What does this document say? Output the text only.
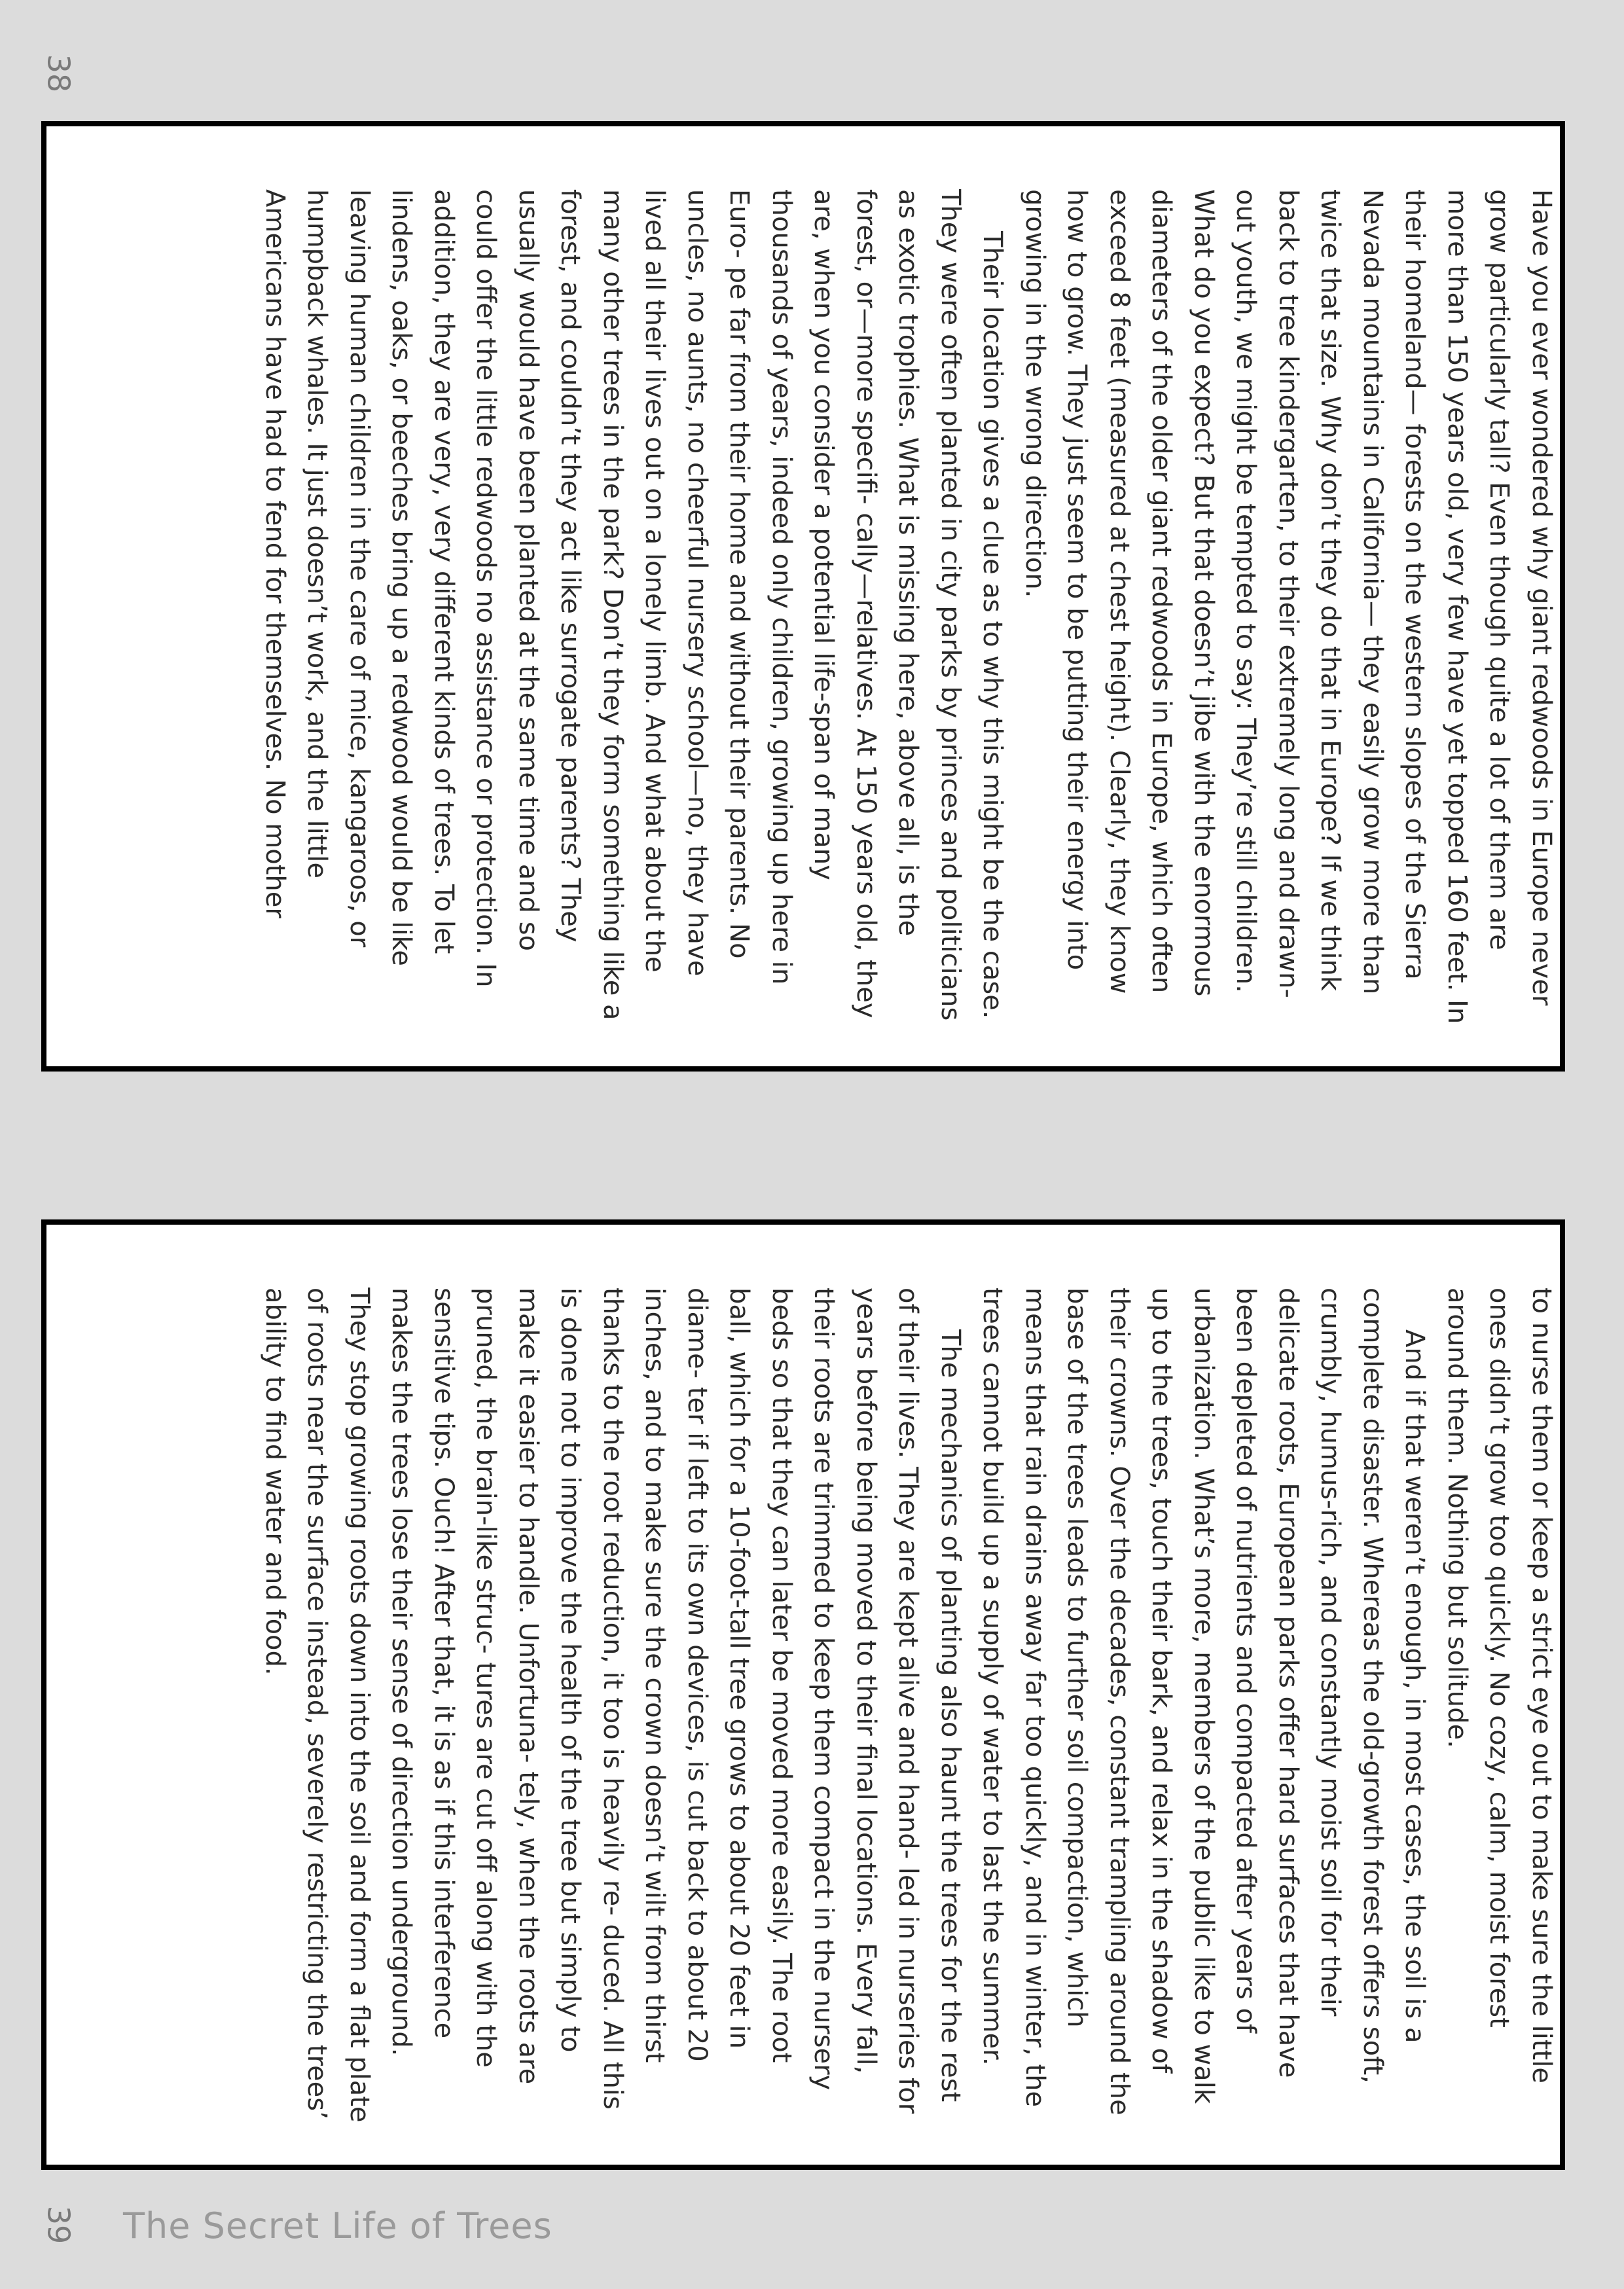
38

Have you ever wondered why giant redwoods in Europe never grow particularly tall? Even though quite a lot of them are more than 150 years old, very few have yet topped 160 feet. In their homeland— forests on the western slopes of the Sierra Nevada mountains in California— they easily grow more than twice that size. Why don’t they do that in Europe? If we think back to tree kindergarten, to their extremely long and drawn-out youth, we might be tempted to say: They’re still children. What do you expect? But that doesn’t jibe with the enormous diameters of the older giant redwoods in Europe, which often exceed 8 feet (measured at chest height). Clearly, they know how to grow. They just seem to be putting their energy into growing in the wrong direction.

Their location gives a clue as to why this might be the case. They were often planted in city parks by princes and politicians as exotic trophies. What is missing here, above all, is the forest, or—more specifi- cally—relatives. At 150 years old, they are, when you consider a potential life-span of many thousands of years, indeed only children, growing up here in Euro- pe far from their home and without their parents. No uncles, no aunts, no cheerful nursery school—no, they have lived all their lives out on a lonely limb. And what about the many other trees in the park? Don’t they form something like a forest, and couldn’t they act like surrogate parents? They usually would have been planted at the same time and so could offer the little redwoods no assistance or protection. In addition, they are very, very different kinds of trees. To let lindens, oaks, or beeches bring up a redwood would be like leaving human children in the care of mice, kangaroos, or humpback whales. It just doesn’t work, and the little Americans have had to fend for themselves. No mother

to nurse them or keep a strict eye out to make sure the little ones didn’t grow too quickly. No cozy, calm, moist forest around them. Nothing but solitude.

And if that weren’t enough, in most cases, the soil is a complete disaster. Whereas the old-growth forest offers soft, crumbly, humus-rich, and constantly moist soil for their delicate roots, European parks offer hard surfaces that have been depleted of nutrients and compacted after years of urbanization. What’s more, members of the public like to walk up to the trees, touch their bark, and relax in the shadow of their crowns. Over the decades, constant trampling around the base of the trees leads to further soil compaction, which means that rain drains away far too quickly, and in winter, the trees cannot build up a supply of water to last the summer.

The mechanics of planting also haunt the trees for the rest of their lives. They are kept alive and hand- led in nurseries for years before being moved to their final locations. Every fall, their roots are trimmed to keep them compact in the nursery beds so that they can later be moved more easily. The root ball, which for a 10-foot-tall tree grows to about 20 feet in diame- ter if left to its own devices, is cut back to about 20 inches, and to make sure the crown doesn’t wilt from thirst thanks to the root reduction, it too is heavily re- duced. All this is done not to improve the health of the tree but simply to make it easier to handle. Unfortuna- tely, when the roots are pruned, the brain-like struc- tures are cut off along with the sensitive tips. Ouch! After that, it is as if this interference makes the trees lose their sense of direction underground. They stop growing roots down into the soil and form a flat plate of roots near the surface instead, severely restricting the trees’ ability to find water and food.

39 The Secret Life of Trees
